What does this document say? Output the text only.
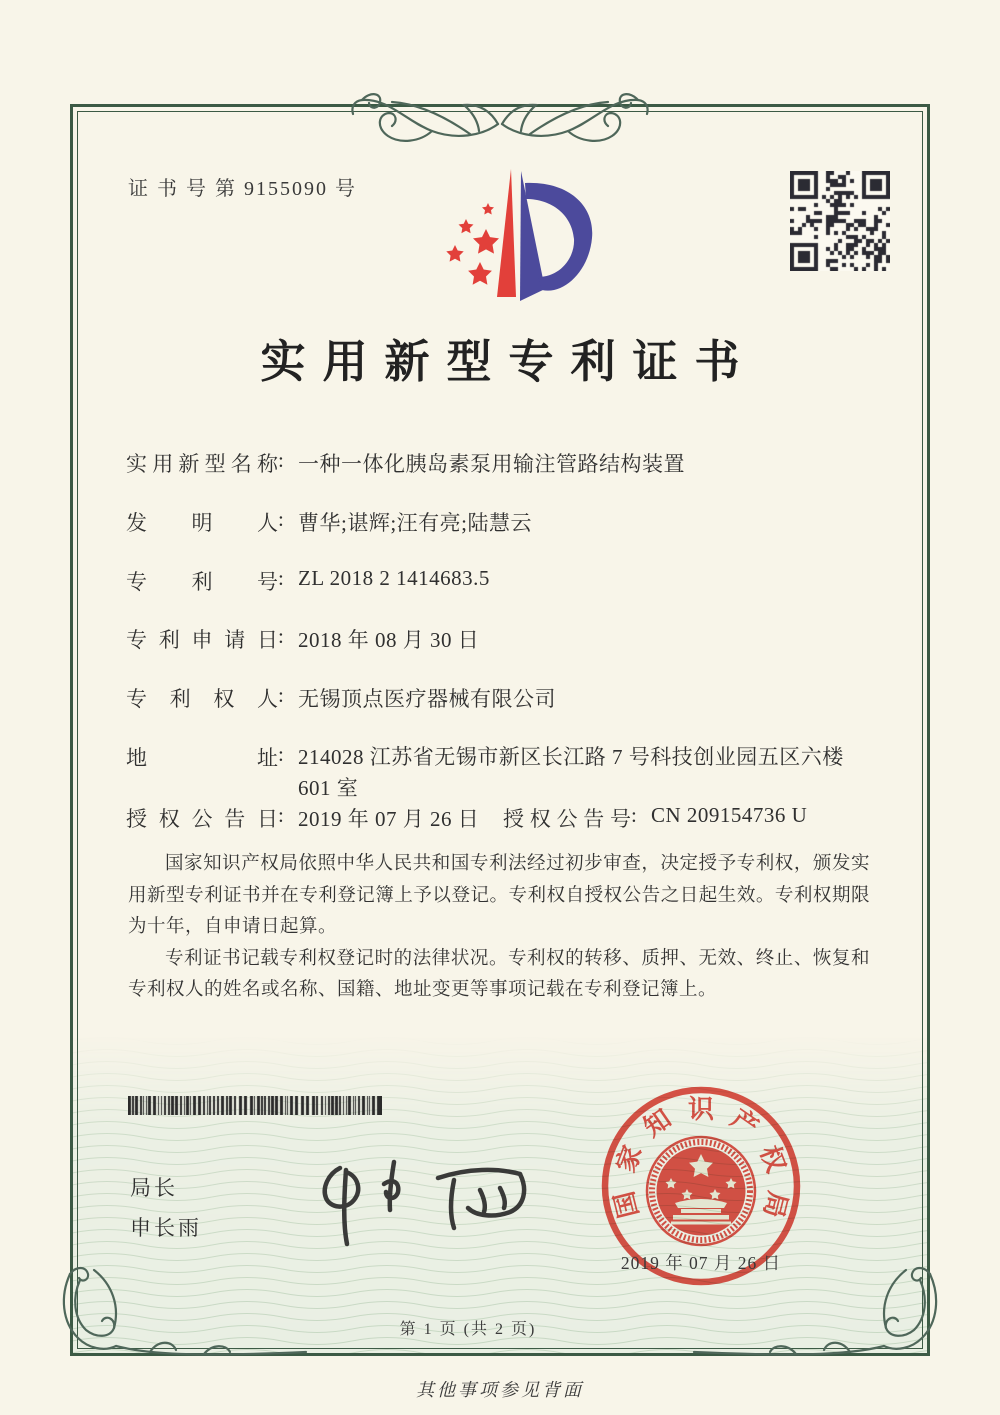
证 书 号 第 9155090 号
实用新型专利证书
实用新型名称: 一种一体化胰岛素泵用输注管路结构装置
发明人: 曹华;谌辉;汪有亮;陆慧云
专利号: ZL 2018 2 1414683.5
专利申请日: 2018 年 08 月 30 日
专利权人: 无锡顶点医疗器械有限公司
地址: 214028 江苏省无锡市新区长江路 7 号科技创业园五区六楼
601 室
授权公告日: 2019 年 07 月 26 日 授权公告号: CN 209154736 U

国家知识产权局依照中华人民共和国专利法经过初步审查，决定授予专利权，颁发实用新型专利证书并在专利登记簿上予以登记。专利权自授权公告之日起生效。专利权期限为十年，自申请日起算。

专利证书记载专利权登记时的法律状况。专利权的转移、质押、无效、终止、恢复和专利权人的姓名或名称、国籍、地址变更等事项记载在专利登记簿上。

局长
申长雨
国
家
知 识 产
权
局
2019 年 07 月 26 日
第 1 页 (共 2 页)
其他事项参见背面
